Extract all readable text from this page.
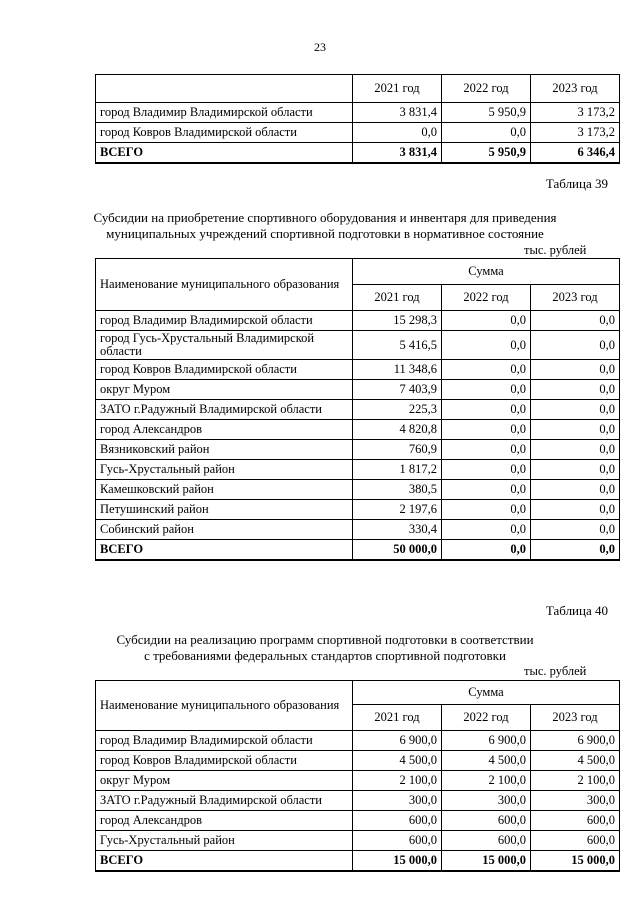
23
	2021 год	2022 год	2023 год
город Владимир Владимирской области	3 831,4	5 950,9	3 173,2
город Ковров Владимирской области	0,0	0,0	3 173,2
ВСЕГО	3 831,4	5 950,9	6 346,4
Таблица 39
Субсидии на приобретение спортивного оборудования и инвентаря для приведения
муниципальных учреждений спортивной подготовки в нормативное состояние
тыс. рублей
Наименование муниципального образования	Сумма		
	2021 год	2022 год	2023 год
город Владимир Владимирской области	15 298,3	0,0	0,0
город Гусь-Хрустальный Владимирской области	5 416,5	0,0	0,0
город Ковров Владимирской области	11 348,6	0,0	0,0
округ Муром	7 403,9	0,0	0,0
ЗАТО г.Радужный Владимирской области	225,3	0,0	0,0
город Александров	4 820,8	0,0	0,0
Вязниковский район	760,9	0,0	0,0
Гусь-Хрустальный район	1 817,2	0,0	0,0
Камешковский район	380,5	0,0	0,0
Петушинский район	2 197,6	0,0	0,0
Собинский район	330,4	0,0	0,0
ВСЕГО	50 000,0	0,0	0,0
Таблица 40
Субсидии на реализацию программ спортивной подготовки в соответствии
с требованиями федеральных стандартов спортивной подготовки
тыс. рублей
Наименование муниципального образования	Сумма		
	2021 год	2022 год	2023 год
город Владимир Владимирской области	6 900,0	6 900,0	6 900,0
город Ковров Владимирской области	4 500,0	4 500,0	4 500,0
округ Муром	2 100,0	2 100,0	2 100,0
ЗАТО г.Радужный Владимирской области	300,0	300,0	300,0
город Александров	600,0	600,0	600,0
Гусь-Хрустальный район	600,0	600,0	600,0
ВСЕГО	15 000,0	15 000,0	15 000,0
